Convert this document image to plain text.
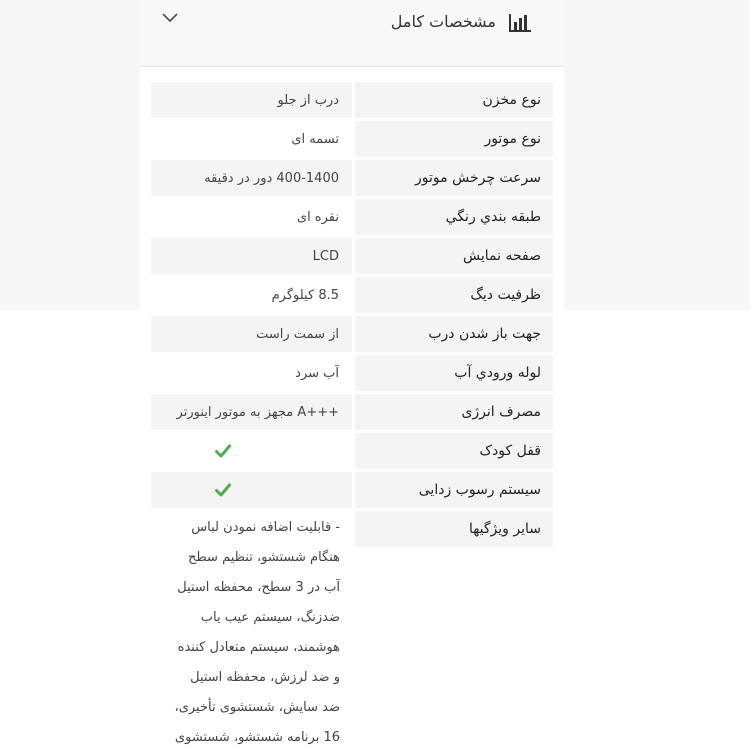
مشخصات کامل
نوع مخزن
درب از جلو
نوع موتور
تسمه ای
سرعت چرخش موتور
400-1400 دور در دقیقه
طبقه بندي رنگي
نقره ای
صفحه نمايش
LCD
ظرفیت دیگ
8.5 کیلوگرم
جهت باز شدن درب
از سمت راست
لوله ورودي آب
آب سرد
مصرف انرژی
+++A مجهز به موتور اینورتر
قفل کودک
سیستم رسوب زدایی
سایر ویژگیها
- قابلیت اضافه نمودن لباس هنگام شستشو، تنظیم سطح آب در 3 سطح، محفظه استیل ضدزنگ، سیستم عیب یاب هوشمند، سیستم متعادل کننده و ضد لرزش، محفظه استیل ضد سایش، شستشوی تأخیری، 16 برنامه شستشو، شستشوی
